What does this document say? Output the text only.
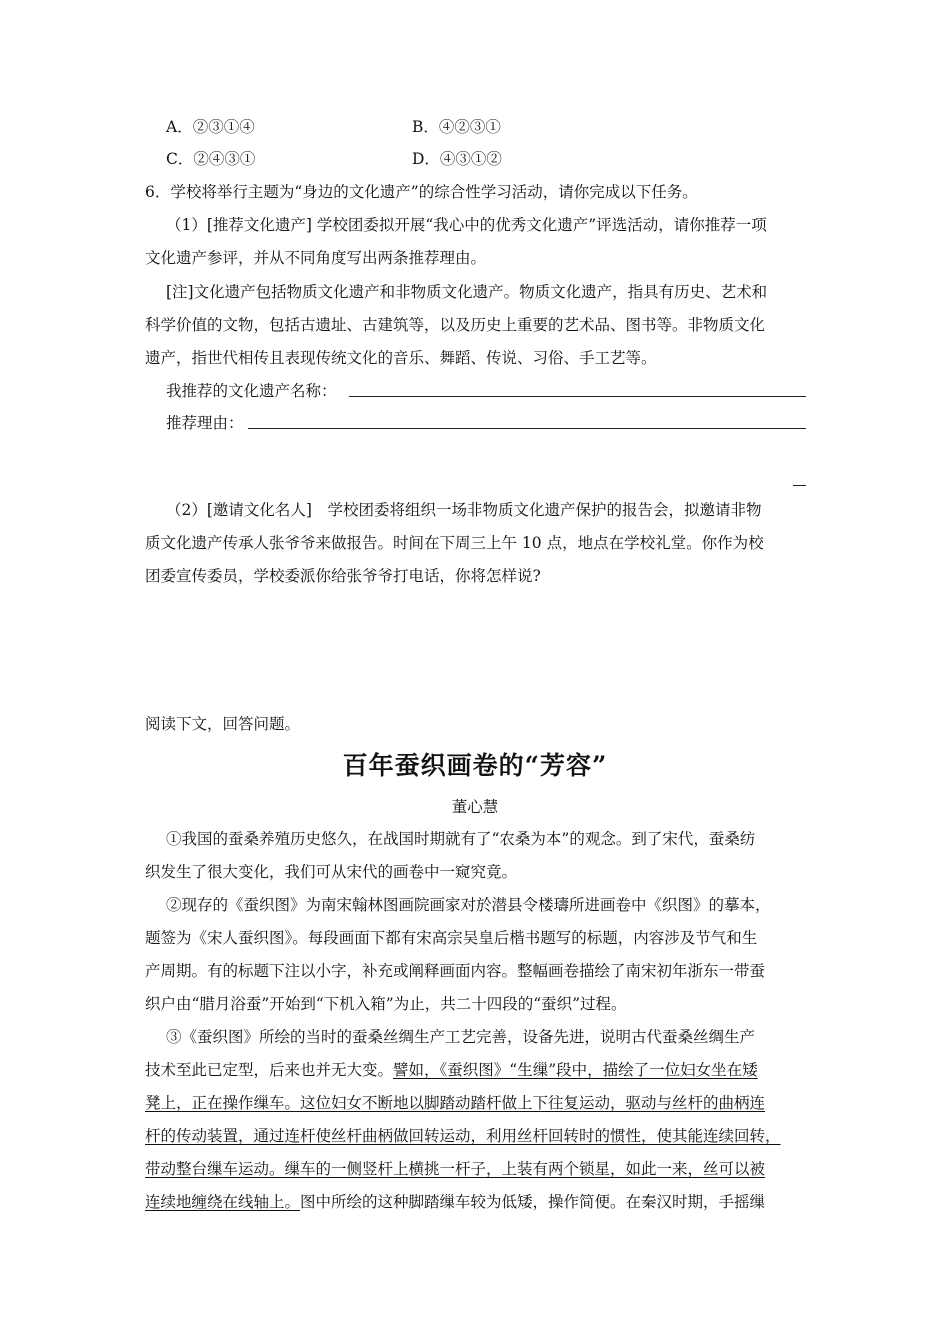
A．②③①④	B．④②③①
C．②④③①	D．④③①②
6．学校将举行主题为“身边的文化遗产”的综合性学习活动，请你完成以下任务。
（1）[推荐文化遗产] 学校团委拟开展“我心中的优秀文化遗产”评选活动，请你推荐一项
文化遗产参评，并从不同角度写出两条推荐理由。
[注]文化遗产包括物质文化遗产和非物质文化遗产。物质文化遗产，指具有历史、艺术和
科学价值的文物，包括古遗址、古建筑等，以及历史上重要的艺术品、图书等。非物质文化
遗产，指世代相传且表现传统文化的音乐、舞蹈、传说、习俗、手工艺等。
我推荐的文化遗产名称：
推荐理由：
（2）[邀请文化名人]　学校团委将组织一场非物质文化遗产保护的报告会，拟邀请非物
质文化遗产传承人张爷爷来做报告。时间在下周三上午 10 点，地点在学校礼堂。你作为校
团委宣传委员，学校委派你给张爷爷打电话，你将怎样说?
阅读下文，回答问题。
百年蚕织画卷的“芳容”
董心慧
①我国的蚕桑养殖历史悠久，在战国时期就有了“农桑为本”的观念。到了宋代，蚕桑纺
织发生了很大变化，我们可从宋代的画卷中一窥究竟。
②现存的《蚕织图》为南宋翰林图画院画家对於潜县令楼璹所进画卷中《织图》的摹本，
题签为《宋人蚕织图》。每段画面下都有宋高宗吴皇后楷书题写的标题，内容涉及节气和生
产周期。有的标题下注以小字，补充或阐释画面内容。整幅画卷描绘了南宋初年浙东一带蚕
织户由“腊月浴蚕”开始到“下机入箱”为止，共二十四段的“蚕织”过程。
③《蚕织图》所绘的当时的蚕桑丝绸生产工艺完善，设备先进，说明古代蚕桑丝绸生产
技术至此已定型，后来也并无大变。譬如，《蚕织图》“生缫”段中，描绘了一位妇女坐在矮
凳上，正在操作缫车。这位妇女不断地以脚踏动踏杆做上下往复运动，驱动与丝杆的曲柄连
杆的传动装置，通过连杆使丝杆曲柄做回转运动，利用丝杆回转时的惯性，使其能连续回转，
带动整台缫车运动。缫车的一侧竖杆上横挑一杆子，上装有两个锁星，如此一来，丝可以被
连续地缠绕在线轴上。图中所绘的这种脚踏缫车较为低矮，操作简便。在秦汉时期，手摇缫
